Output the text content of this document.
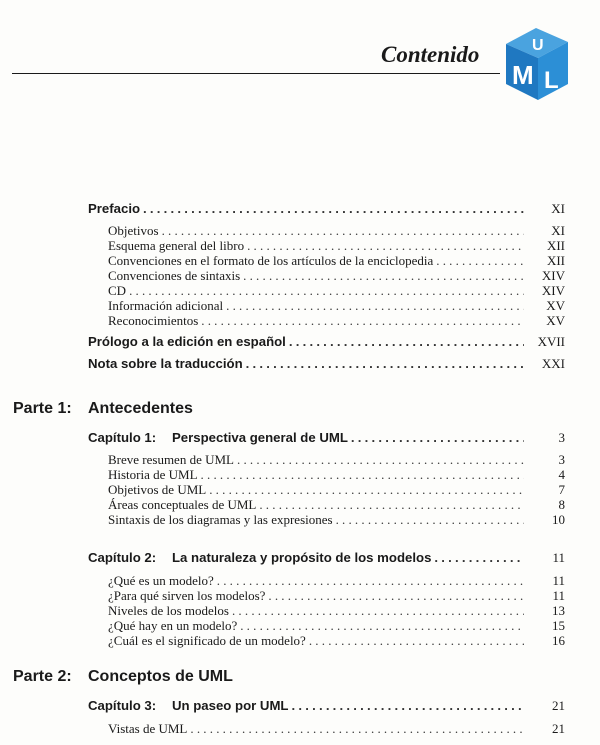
Contenido
M L
U
Prefacio .....	XI
Objetivos .....	XI
Esquema general del libro .....	XII
Convenciones en el formato de los artículos de la enciclopedia .....	XII
Convenciones de sintaxis .....	XIV
CD .....	XIV
Información adicional .....	XV
Reconocimientos .....	XV
Prólogo a la edición en español .....	XVII
Nota sobre la traducción .....	XXI
Parte 1: Antecedentes
Capítulo 1: Perspectiva general de UML .....	3
Breve resumen de UML .....	3
Historia de UML .....	4
Objetivos de UML .....	7
Áreas conceptuales de UML .....	8
Sintaxis de los diagramas y las expresiones .....	10
Capítulo 2: La naturaleza y propósito de los modelos .....	11
¿Qué es un modelo? .....	11
¿Para qué sirven los modelos? .....	11
Niveles de los modelos .....	13
¿Qué hay en un modelo? .....	15
¿Cuál es el significado de un modelo? .....	16
Parte 2: Conceptos de UML
Capítulo 3: Un paseo por UML .....	21
Vistas de UML .....	21
